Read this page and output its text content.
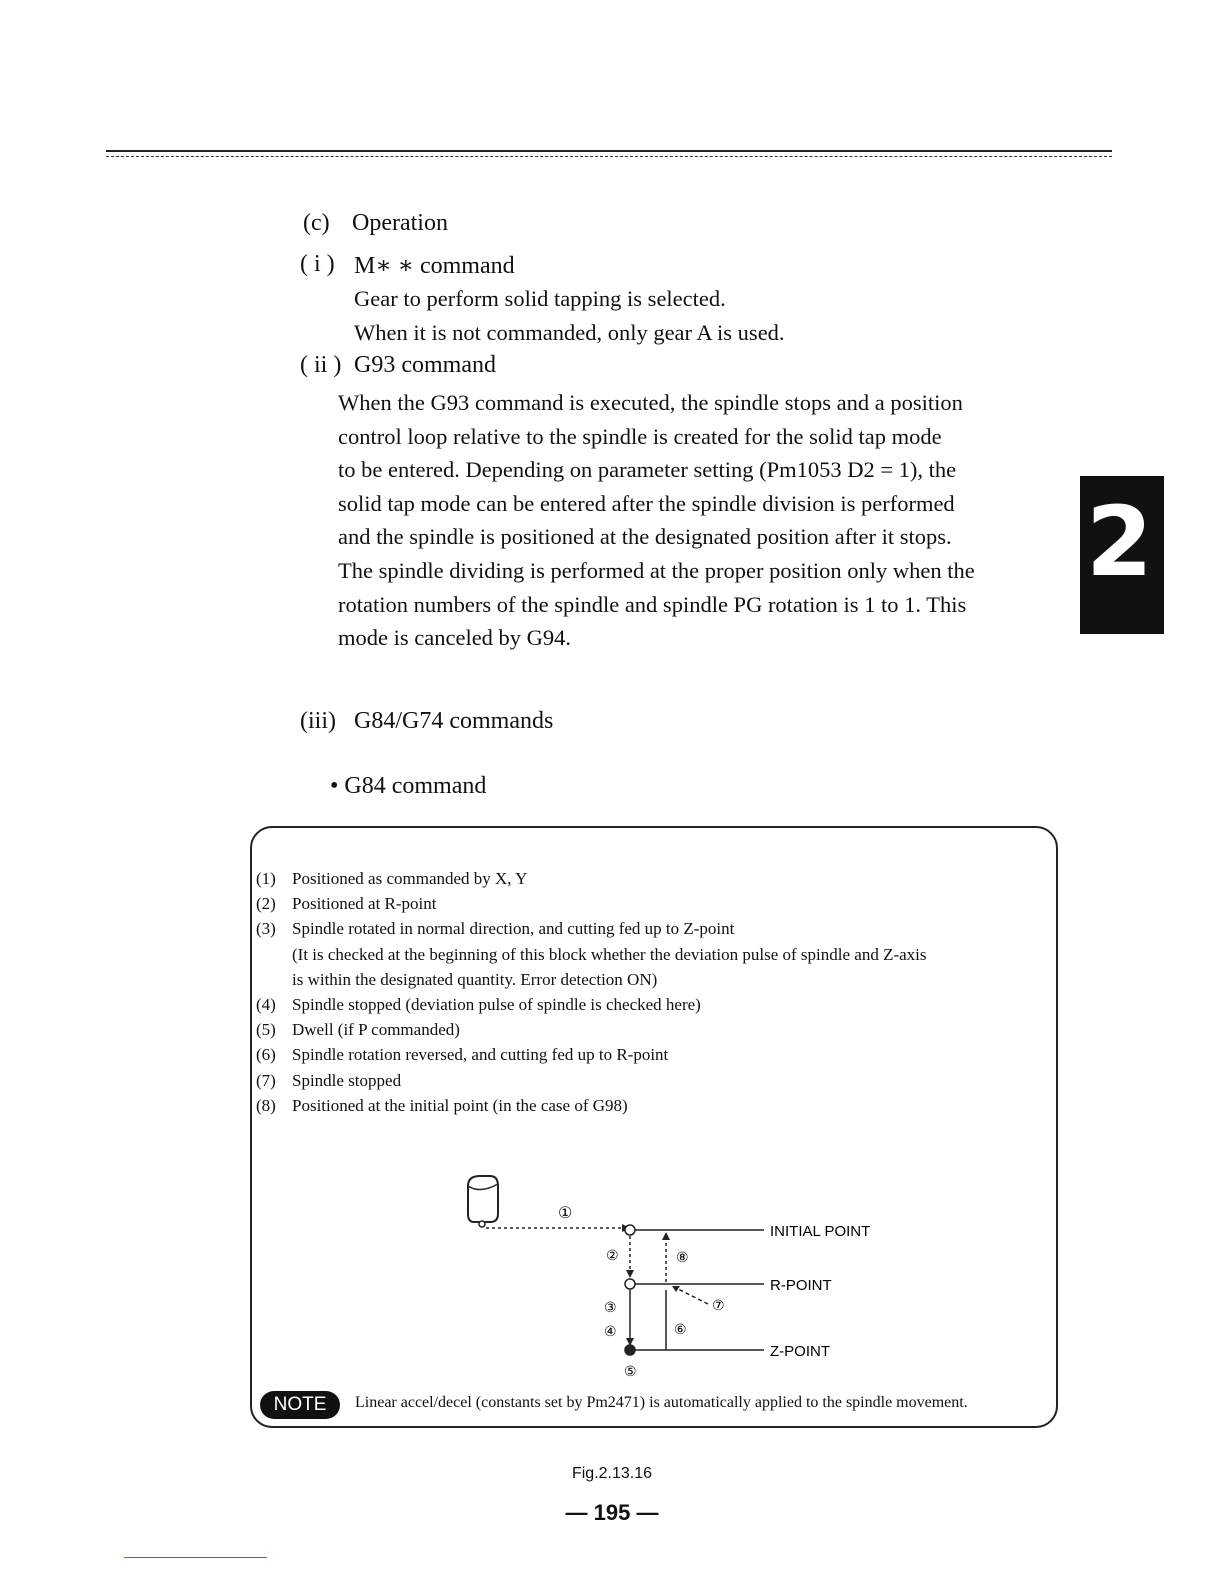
(c) Operation
( i ) M∗ ∗ command
Gear to perform solid tapping is selected.
When it is not commanded, only gear A is used.
( ii ) G93 command
When the G93 command is executed, the spindle stops and a position
control loop relative to the spindle is created for the solid tap mode
to be entered. Depending on parameter setting (Pm1053 D2 = 1), the
solid tap mode can be entered after the spindle division is performed
and the spindle is positioned at the designated position after it stops.
The spindle dividing is performed at the proper position only when the
rotation numbers of the spindle and spindle PG rotation is 1 to 1. This
mode is canceled by G94.
2
(iii) G84/G74 commands
• G84 command
(1) Positioned as commanded by X, Y
(2) Positioned at R-point
(3) Spindle rotated in normal direction, and cutting fed up to Z-point
(It is checked at the beginning of this block whether the deviation pulse of spindle and Z-axis
is within the designated quantity. Error detection ON)
(4) Spindle stopped (deviation pulse of spindle is checked here)
(5) Dwell (if P commanded)
(6) Spindle rotation reversed, and cutting fed up to R-point
(7) Spindle stopped
(8) Positioned at the initial point (in the case of G98)
①
INITIAL POINT
R-POINT
Z-POINT
②
③
④
⑤
⑥
⑧
⑦
NOTE	Linear accel/decel (constants set by Pm2471) is automatically applied to the spindle movement.
Fig.2.13.16
— 195 —
